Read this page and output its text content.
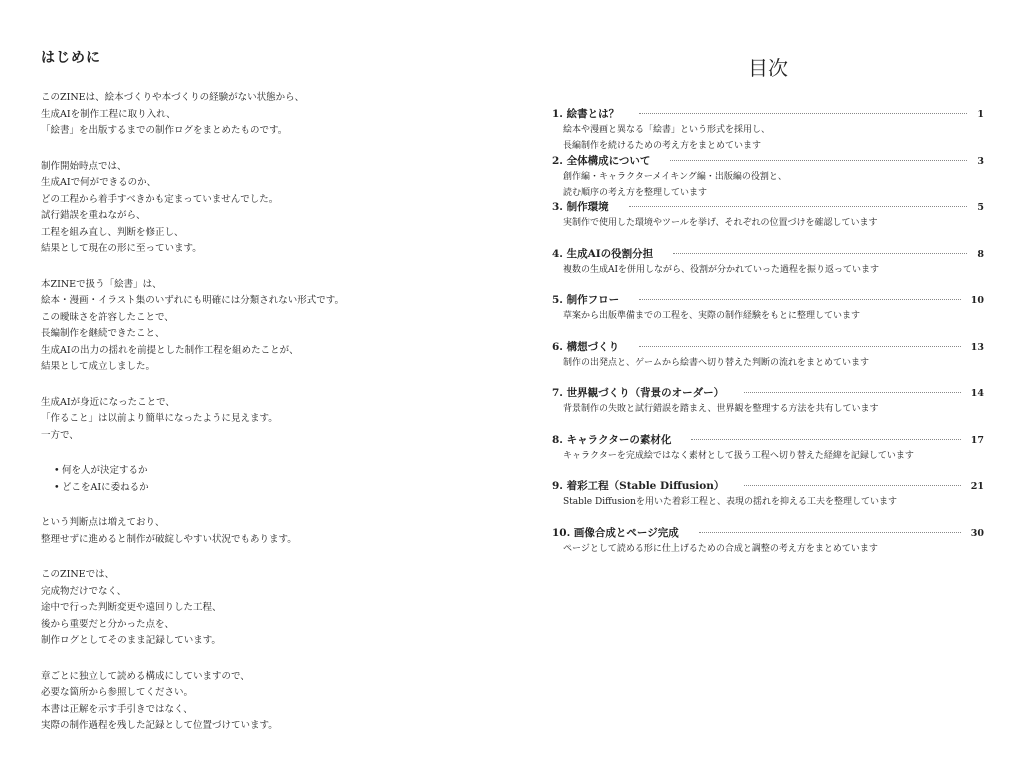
はじめに

このZINEは、絵本づくりや本づくりの経験がない状態から、
生成AIを制作工程に取り入れ、
「絵書」を出版するまでの制作ログをまとめたものです。

制作開始時点では、
生成AIで何ができるのか、
どの工程から着手すべきかも定まっていませんでした。
試行錯誤を重ねながら、
工程を組み直し、判断を修正し、
結果として現在の形に至っています。

本ZINEで扱う「絵書」は、
絵本・漫画・イラスト集のいずれにも明確には分類されない形式です。
この曖昧さを許容したことで、
長編制作を継続できたこと、
生成AIの出力の揺れを前提とした制作工程を組めたことが、
結果として成立しました。

生成AIが身近になったことで、
「作ること」は以前より簡単になったように見えます。
一方で、

• 何を人が決定するか
• どこをAIに委ねるか

という判断点は増えており、
整理せずに進めると制作が破綻しやすい状況でもあります。

このZINEでは、
完成物だけでなく、
途中で行った判断変更や遠回りした工程、
後から重要だと分かった点を、
制作ログとしてそのまま記録しています。

章ごとに独立して読める構成にしていますので、
必要な箇所から参照してください。
本書は正解を示す手引きではなく、
実際の制作過程を残した記録として位置づけています。

目次
1. 絵書とは？	1
絵本や漫画と異なる「絵書」という形式を採用し、
長編制作を続けるための考え方をまとめています
2. 全体構成について	3
創作編・キャラクターメイキング編・出版編の役割と、
読む順序の考え方を整理しています
3. 制作環境	5
実制作で使用した環境やツールを挙げ、それぞれの位置づけを確認しています
4. 生成AIの役割分担	8
複数の生成AIを併用しながら、役割が分かれていった過程を振り返っています
5. 制作フロー	10
草案から出版準備までの工程を、実際の制作経験をもとに整理しています
6. 構想づくり	13
制作の出発点と、ゲームから絵書へ切り替えた判断の流れをまとめています
7. 世界観づくり（背景のオーダー）	14
背景制作の失敗と試行錯誤を踏まえ、世界観を整理する方法を共有しています
8. キャラクターの素材化	17
キャラクターを完成絵ではなく素材として扱う工程へ切り替えた経緯を記録しています
9. 着彩工程（Stable Diffusion）	21
Stable Diffusionを用いた着彩工程と、表現の揺れを抑える工夫を整理しています
10. 画像合成とページ完成	30
ページとして読める形に仕上げるための合成と調整の考え方をまとめています
